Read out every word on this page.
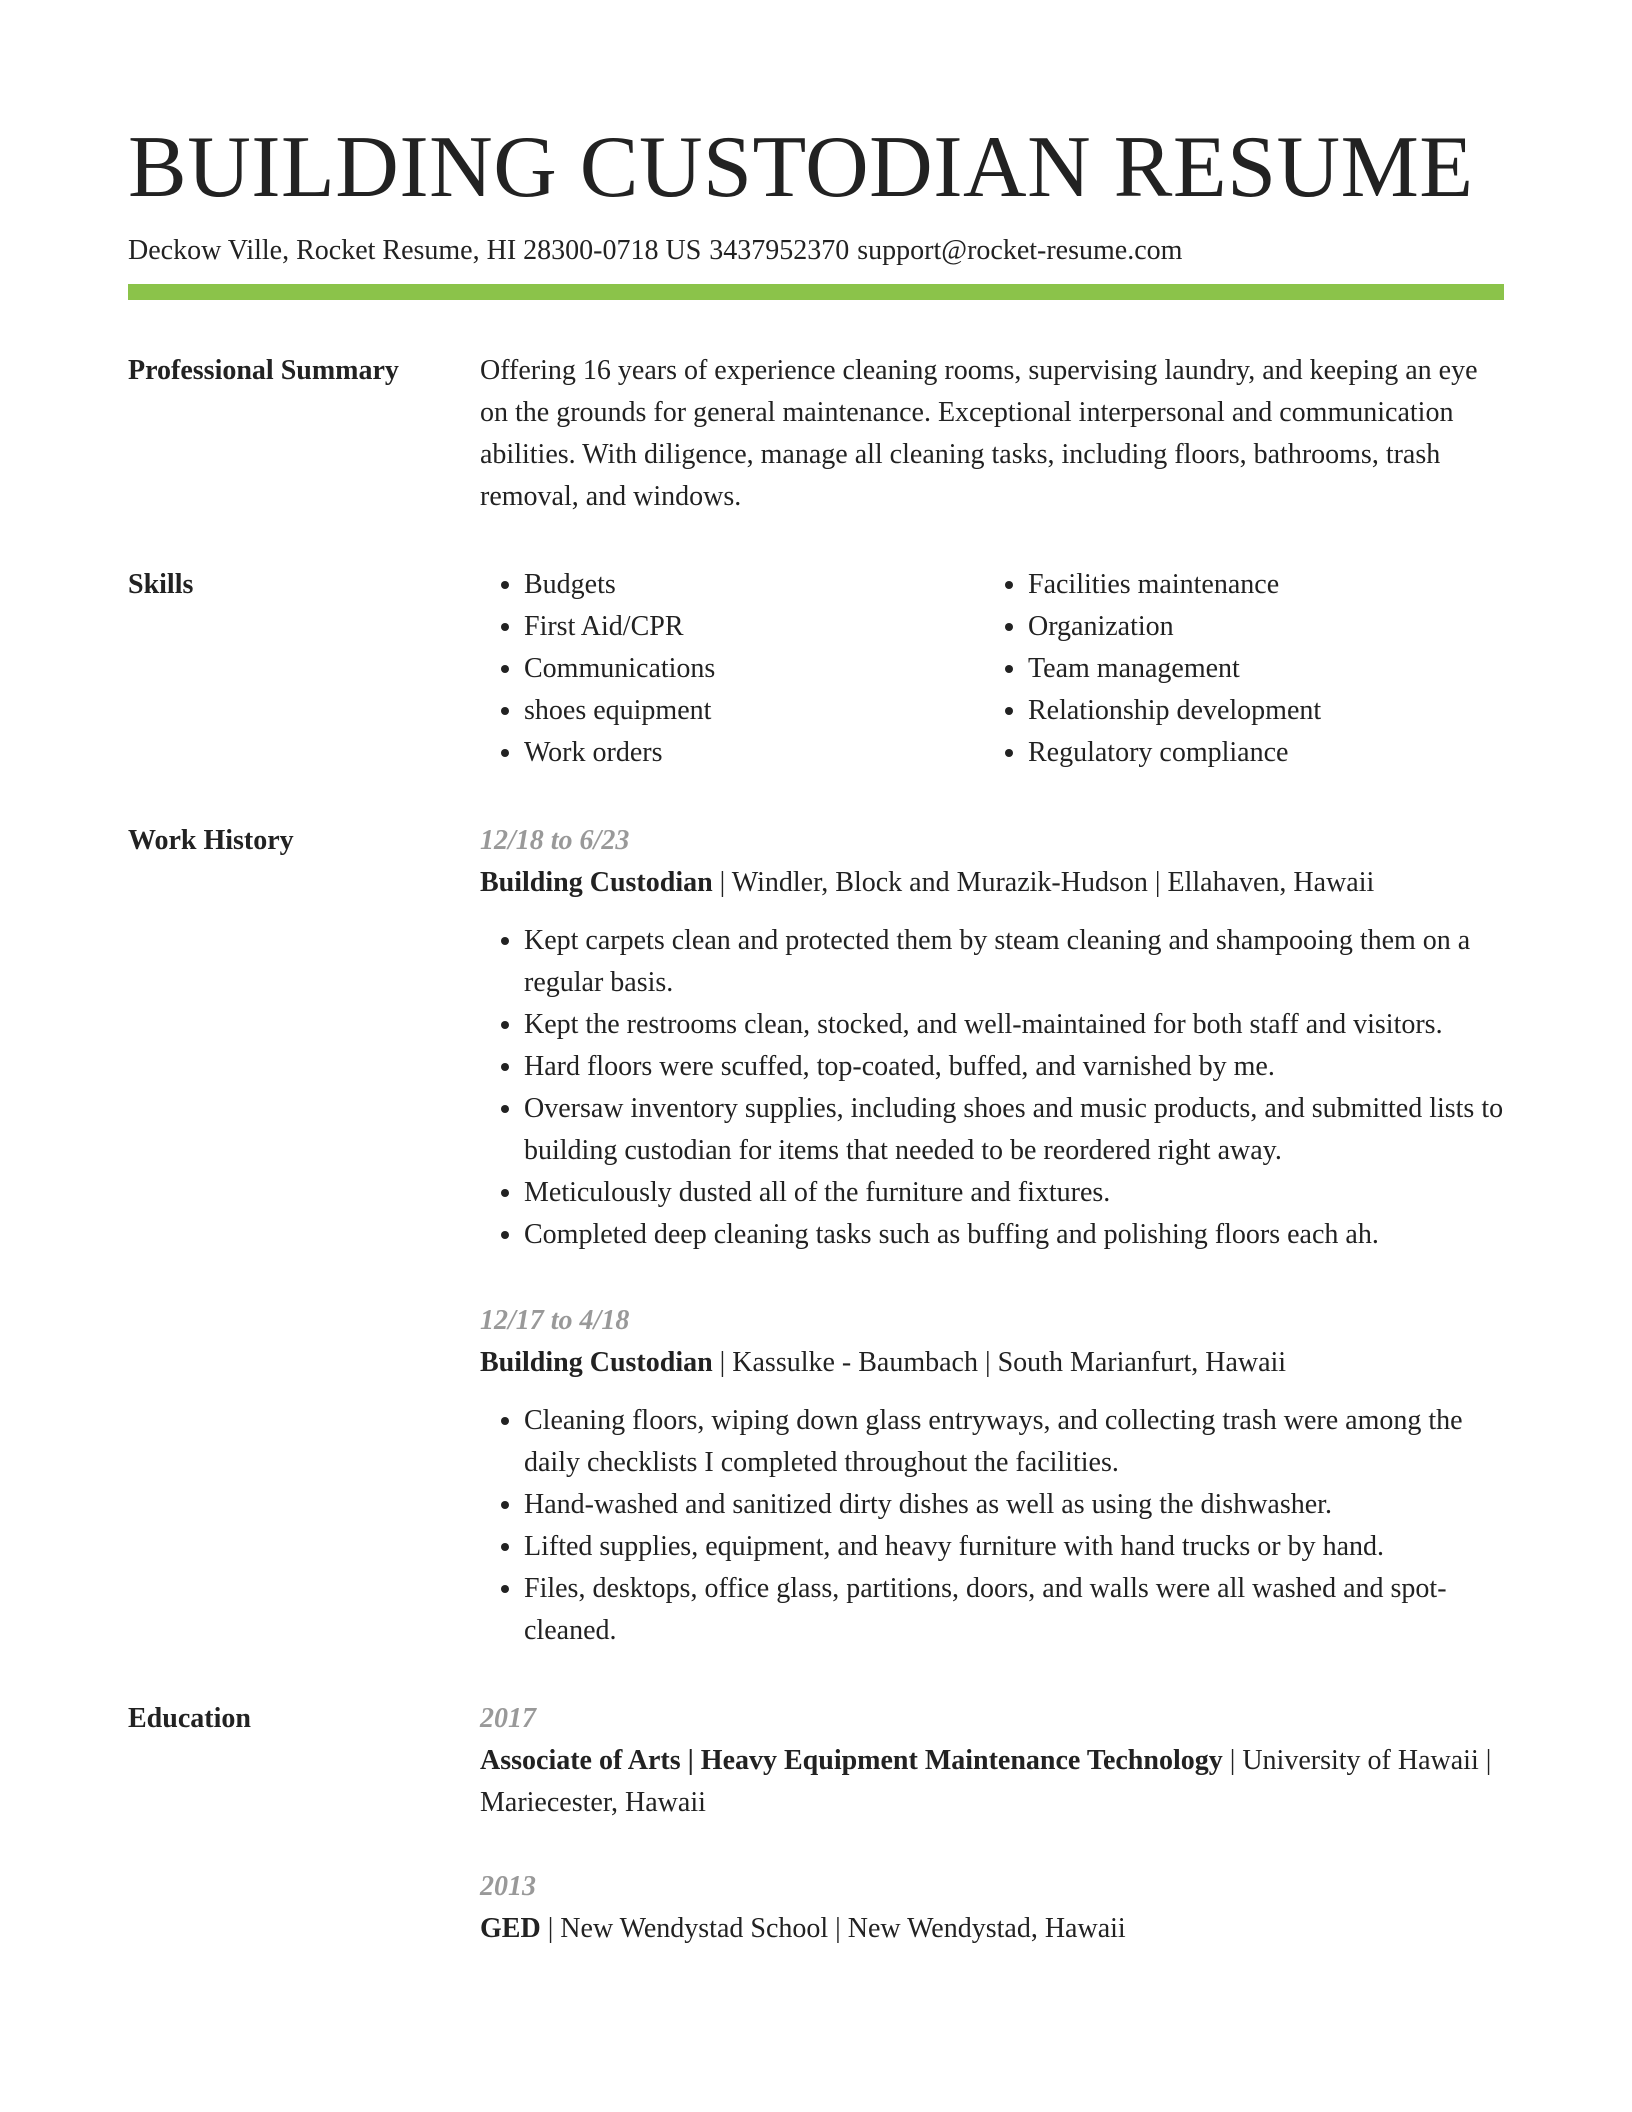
BUILDING CUSTODIAN RESUME
Deckow Ville, Rocket Resume, HI 28300-0718 US 3437952370 support@rocket-resume.com
Professional Summary	Offering 16 years of experience cleaning rooms, supervising laundry, and keeping an eye on the grounds for general maintenance. Exceptional interpersonal and communication abilities. With diligence, manage all cleaning tasks, including floors, bathrooms, trash removal, and windows.

Skills
•	Budgets
• First Aid/CPR
• Communications
• shoes equipment
• Work orders
• Facilities maintenance
• Organization
• Team management
• Relationship development
• Regulatory compliance
Work History	12/18 to 6/23
Building Custodian | Windler, Block and Murazik-Hudson | Ellahaven, Hawaii
• Kept carpets clean and protected them by steam cleaning and shampooing them on a regular basis.
• Kept the restrooms clean, stocked, and well-maintained for both staff and visitors.
• Hard floors were scuffed, top-coated, buffed, and varnished by me.
• Oversaw inventory supplies, including shoes and music products, and submitted lists to building custodian for items that needed to be reordered right away.
• Meticulously dusted all of the furniture and fixtures.
• Completed deep cleaning tasks such as buffing and polishing floors each ah.
12/17 to 4/18
Building Custodian | Kassulke - Baumbach | South Marianfurt, Hawaii
• Cleaning floors, wiping down glass entryways, and collecting trash were among the daily checklists I completed throughout the facilities.
• Hand-washed and sanitized dirty dishes as well as using the dishwasher.
• Lifted supplies, equipment, and heavy furniture with hand trucks or by hand.
• Files, desktops, office glass, partitions, doors, and walls were all washed and spot-cleaned.
Education	2017
Associate of Arts | Heavy Equipment Maintenance Technology | University of Hawaii | Mariecester, Hawaii
2013
GED | New Wendystad School | New Wendystad, Hawaii
